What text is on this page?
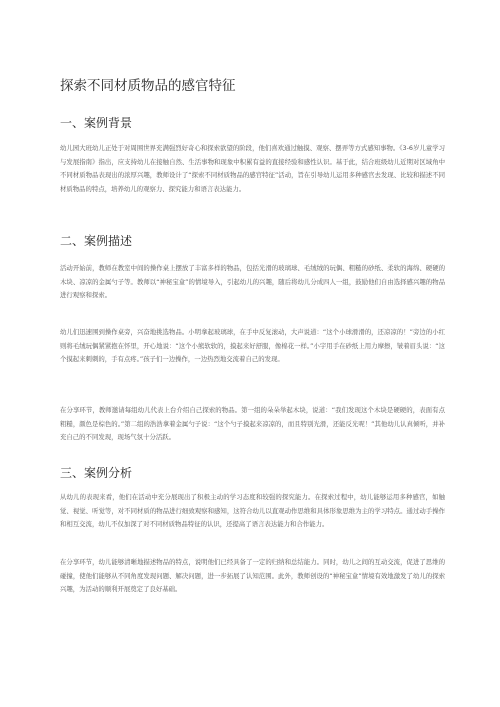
探索不同材质物品的感官特征
一、案例背景
幼儿园大班幼儿正处于对周围世界充满强烈好奇心和探索欲望的阶段，他们喜欢通过触摸、观察、摆弄等方式感知事物。《3-6岁儿童学习与发展指南》指出，应支持幼儿在接触自然、生活事物和现象中积累有益的直接经验和感性认识。基于此，结合班级幼儿近期对区域角中不同材质物品表现出的浓厚兴趣，教师设计了“探索不同材质物品的感官特征”活动，旨在引导幼儿运用多种感官去发现、比较和描述不同材质物品的特点，培养幼儿的观察力、探究能力和语言表达能力。
二、案例描述
活动开始前，教师在教室中间的操作桌上摆放了丰富多样的物品，包括光滑的玻璃球、毛绒绒的玩偶、粗糙的砂纸、柔软的海绵、硬硬的木块、凉凉的金属勺子等。教师以“神秘宝盒”的情境导入，引起幼儿的兴趣，随后将幼儿分成四人一组，鼓励他们自由选择感兴趣的物品进行观察和探索。
幼儿们迅速围到操作桌旁，兴奋地挑选物品。小明拿起玻璃球，在手中反复滚动，大声说道：“这个小球滑滑的，还凉凉的！”旁边的小红则将毛绒玩偶紧紧抱在怀里，开心地说：“这个小熊软软的，摸起来好舒服，像棉花一样。”小宇用手在砂纸上用力摩擦，皱着眉头说：“这个摸起来刺刺的，手有点疼。”孩子们一边操作，一边热烈地交流着自己的发现。
在分享环节，教师邀请每组幼儿代表上台介绍自己探索的物品。第一组的朵朵举起木块，说道：“我们发现这个木块是硬硬的，表面有点粗糙，颜色是棕色的。”第二组的浩浩拿着金属勺子说：“这个勺子摸起来凉凉的，而且特别光滑，还能反光呢！”其他幼儿认真倾听，并补充自己的不同发现，现场气氛十分活跃。
三、案例分析
从幼儿的表现来看，他们在活动中充分展现出了积极主动的学习态度和较强的探究能力。在探索过程中，幼儿能够运用多种感官，如触觉、视觉、听觉等，对不同材质的物品进行细致观察和感知，这符合幼儿以直观动作思维和具体形象思维为主的学习特点。通过动手操作和相互交流，幼儿不仅加深了对不同材质物品特征的认识，还提高了语言表达能力和合作能力。
在分享环节，幼儿能够清晰地描述物品的特点，说明他们已经具备了一定的归纳和总结能力。同时，幼儿之间的互动交流，促进了思维的碰撞，使他们能够从不同角度发现问题、解决问题，进一步拓展了认知范围。此外，教师创设的“神秘宝盒”情境有效地激发了幼儿的探索兴趣，为活动的顺利开展奠定了良好基础。
